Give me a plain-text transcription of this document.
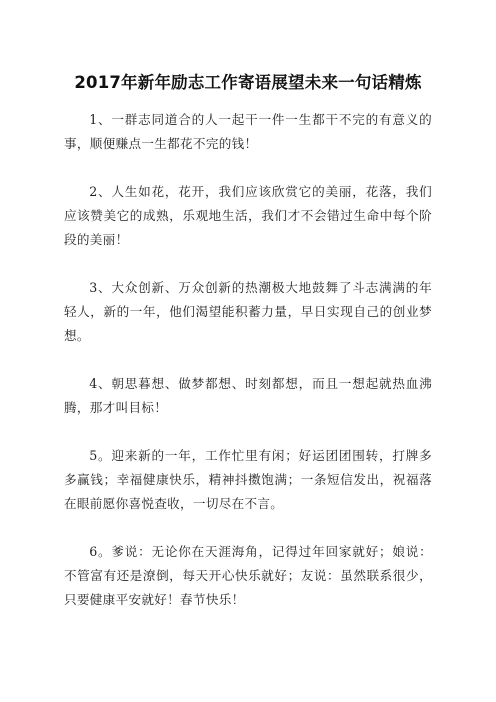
2017年新年励志工作寄语展望未来一句话精炼

1、一群志同道合的人一起干一件一生都干不完的有意义的事，顺便赚点一生都花不完的钱！

2、人生如花，花开，我们应该欣赏它的美丽，花落，我们应该赞美它的成熟，乐观地生活，我们才不会错过生命中每个阶段的美丽！

3、大众创新、万众创新的热潮极大地鼓舞了斗志满满的年轻人，新的一年，他们渴望能积蓄力量，早日实现自己的创业梦想。

4、朝思暮想、做梦都想、时刻都想，而且一想起就热血沸腾，那才叫目标！

5。迎来新的一年，工作忙里有闲；好运团团围转，打牌多多赢钱；幸福健康快乐，精神抖擞饱满；一条短信发出，祝福落在眼前愿你喜悦查收，一切尽在不言。

6。爹说：无论你在天涯海角，记得过年回家就好；娘说：不管富有还是潦倒，每天开心快乐就好；友说：虽然联系很少，只要健康平安就好！春节快乐！
